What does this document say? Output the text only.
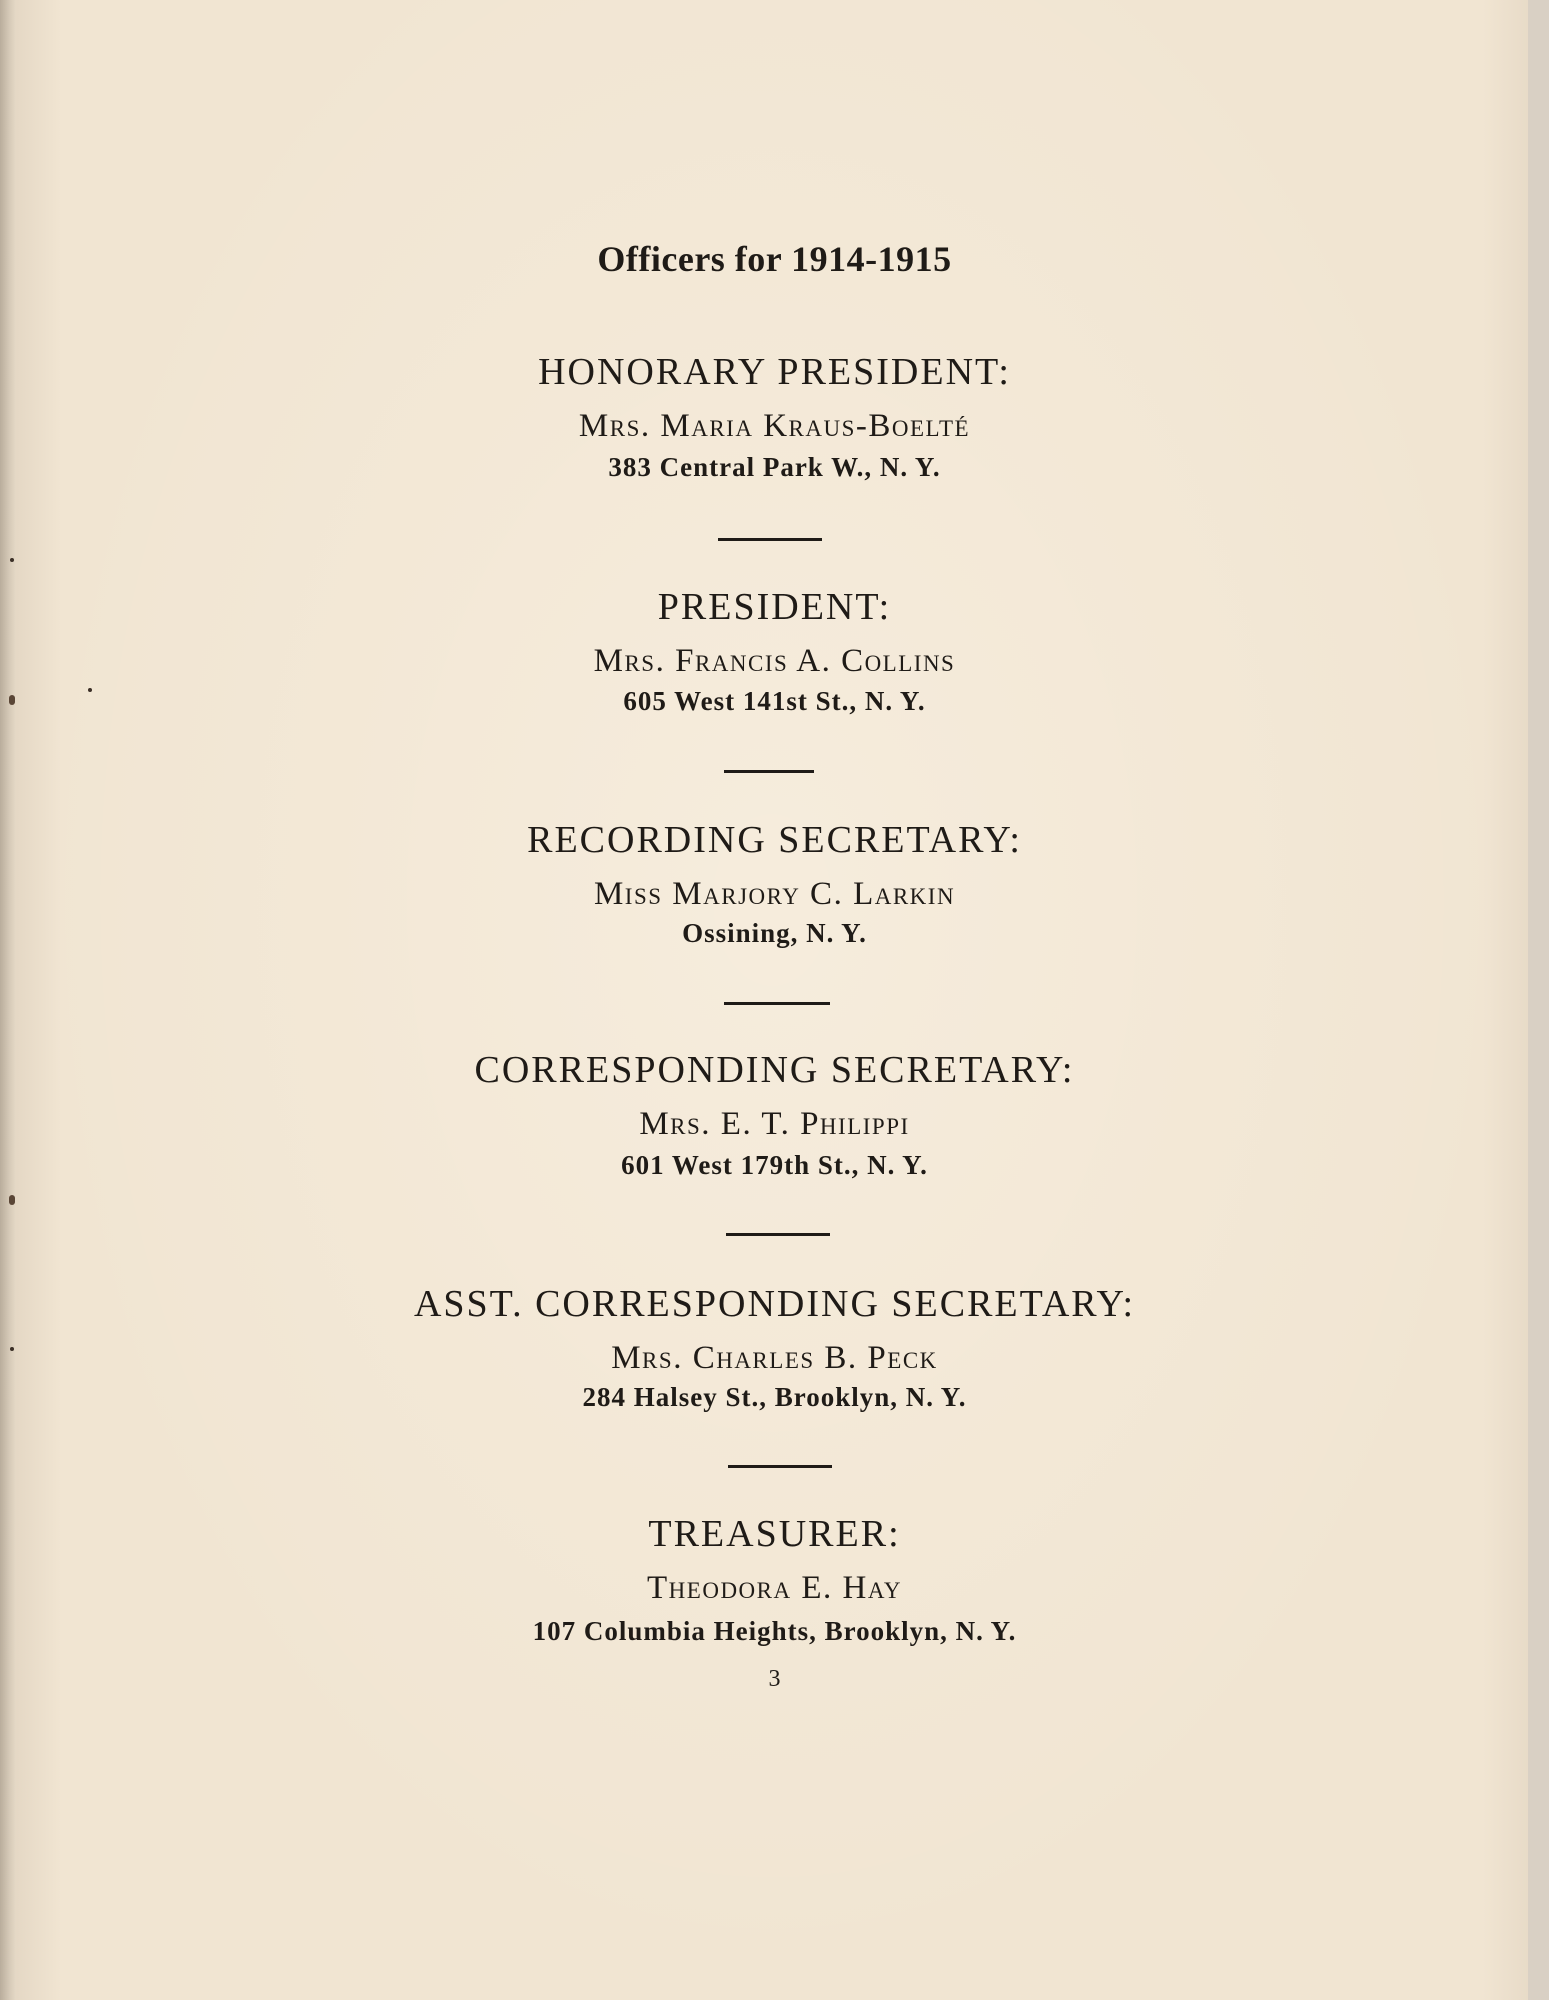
Officers for 1914-1915
HONORARY PRESIDENT:
Mrs. Maria Kraus-Boelté
383 Central Park W., N. Y.
PRESIDENT:
Mrs. Francis A. Collins
605 West 141st St., N. Y.
RECORDING SECRETARY:
Miss Marjory C. Larkin
Ossining, N. Y.
CORRESPONDING SECRETARY:
Mrs. E. T. Philippi
601 West 179th St., N. Y.
ASST. CORRESPONDING SECRETARY:
Mrs. Charles B. Peck
284 Halsey St., Brooklyn, N. Y.
TREASURER:
Theodora E. Hay
107 Columbia Heights, Brooklyn, N. Y.
3
